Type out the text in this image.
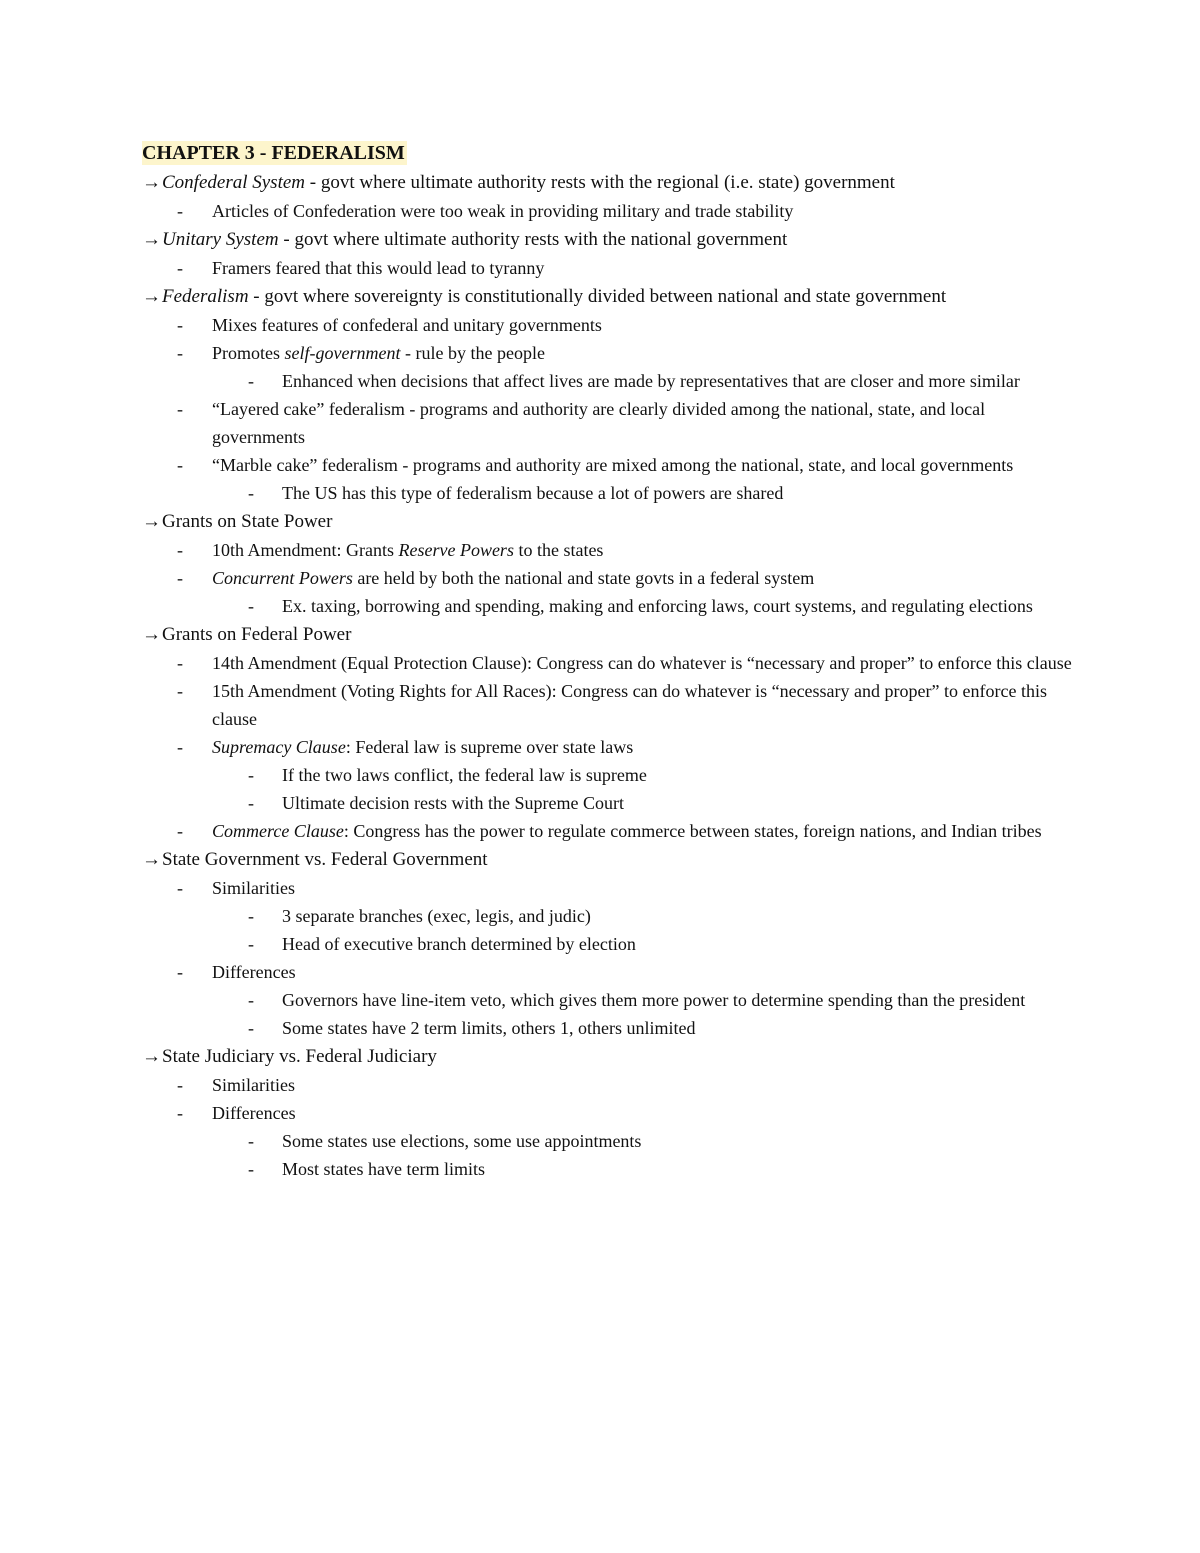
CHAPTER 3 - FEDERALISM
→Confederal System - govt where ultimate authority rests with the regional (i.e. state) government
- Articles of Confederation were too weak in providing military and trade stability
→Unitary System - govt where ultimate authority rests with the national government
- Framers feared that this would lead to tyranny
→Federalism - govt where sovereignty is constitutionally divided between national and state government
- Mixes features of confederal and unitary governments
- Promotes self-government - rule by the people
- Enhanced when decisions that affect lives are made by representatives that are closer and more similar
- “Layered cake” federalism - programs and authority are clearly divided among the national, state, and local governments
- “Marble cake” federalism - programs and authority are mixed among the national, state, and local governments
- The US has this type of federalism because a lot of powers are shared
→Grants on State Power
- 10th Amendment: Grants Reserve Powers to the states
- Concurrent Powers are held by both the national and state govts in a federal system
- Ex. taxing, borrowing and spending, making and enforcing laws, court systems, and regulating elections
→Grants on Federal Power
- 14th Amendment (Equal Protection Clause): Congress can do whatever is “necessary and proper” to enforce this clause
- 15th Amendment (Voting Rights for All Races): Congress can do whatever is “necessary and proper” to enforce this clause
- Supremacy Clause: Federal law is supreme over state laws
- If the two laws conflict, the federal law is supreme
- Ultimate decision rests with the Supreme Court
- Commerce Clause: Congress has the power to regulate commerce between states, foreign nations, and Indian tribes
→State Government vs. Federal Government
- Similarities
- 3 separate branches (exec, legis, and judic)
- Head of executive branch determined by election
- Differences
- Governors have line-item veto, which gives them more power to determine spending than the president
- Some states have 2 term limits, others 1, others unlimited
→State Judiciary vs. Federal Judiciary
- Similarities
- Differences
- Some states use elections, some use appointments
- Most states have term limits
